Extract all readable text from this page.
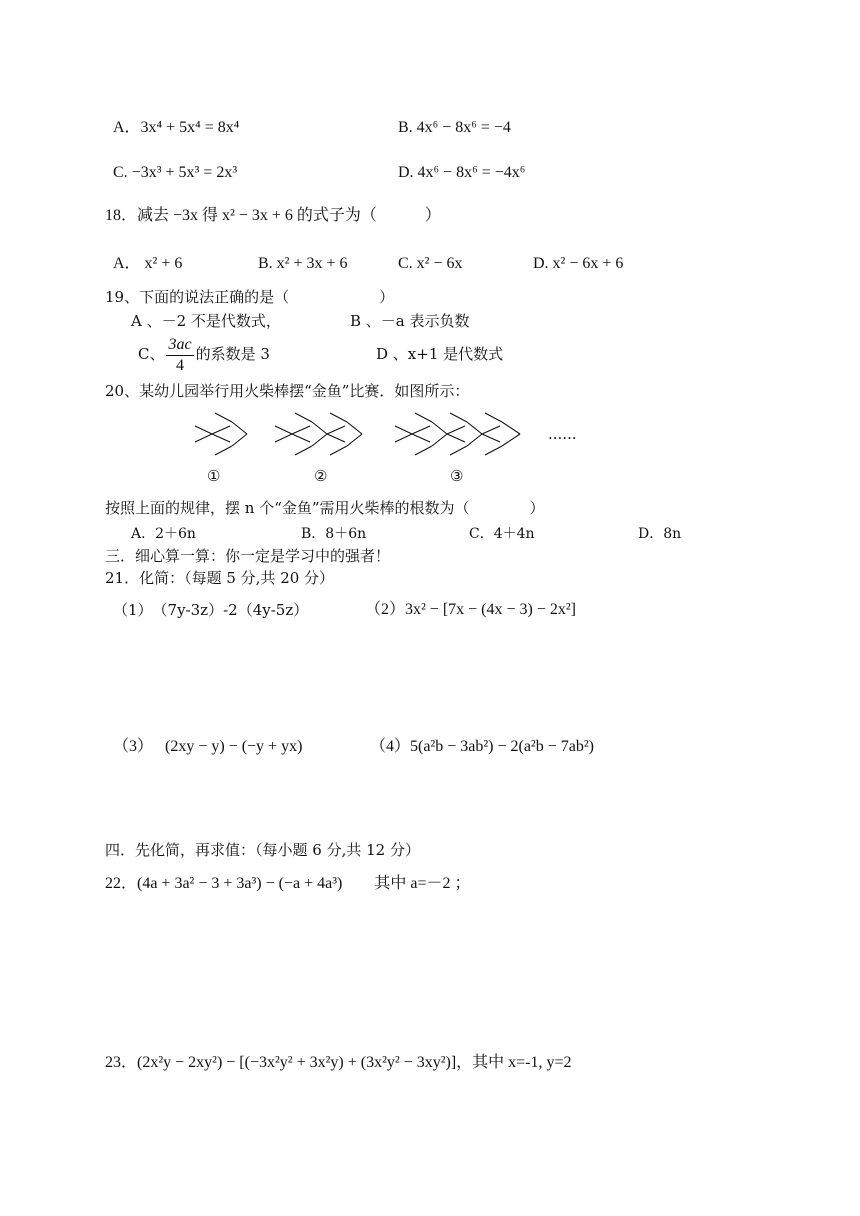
A．3x⁴ + 5x⁴ = 8x⁴	B. 4x⁶ − 8x⁶ = −4
C. −3x³ + 5x³ = 2x³	D. 4x⁶ − 8x⁶ = −4x⁶
18．减去 −3x 得 x² − 3x + 6 的式子为（　　　）
A． x² + 6	B. x² + 3x + 6	C. x² − 6x	D. x² − 6x + 6
19、下面的说法正确的是（　　　　　　）
A 、－2 不是代数式，	B 、－a 表示负数
C、 $\frac{3ac}{4}$ 的系数是 3	D 、x+1 是代数式
20、某幼儿园举行用火柴棒摆“金鱼”比赛．如图所示：
......
①	②	③
按照上面的规律，摆 n 个“金鱼”需用火柴棒的根数为（　　　　）
A．2＋6n	B．8＋6n	C．4＋4n	D．8n
三．细心算一算：你一定是学习中的强者！
21．化简：（每题 5 分,共 20 分）
（1）　（7y-3z）-2（4y-5z）	（2）3x² − [7x − (4x − 3) − 2x²]
（3）　 (2xy − y) − (−y + yx)	（4）5(a²b − 3ab²) − 2(a²b − 7ab²)
四．先化简，再求值：（每小题 6 分,共 12 分）
22．(4a + 3a² − 3 + 3a³) − (−a + 4a³)　　其中 a=－2 ；
23．(2x²y − 2xy²) − [(−3x²y² + 3x²y) + (3x²y² − 3xy²)]，其中 x=-1, y=2
